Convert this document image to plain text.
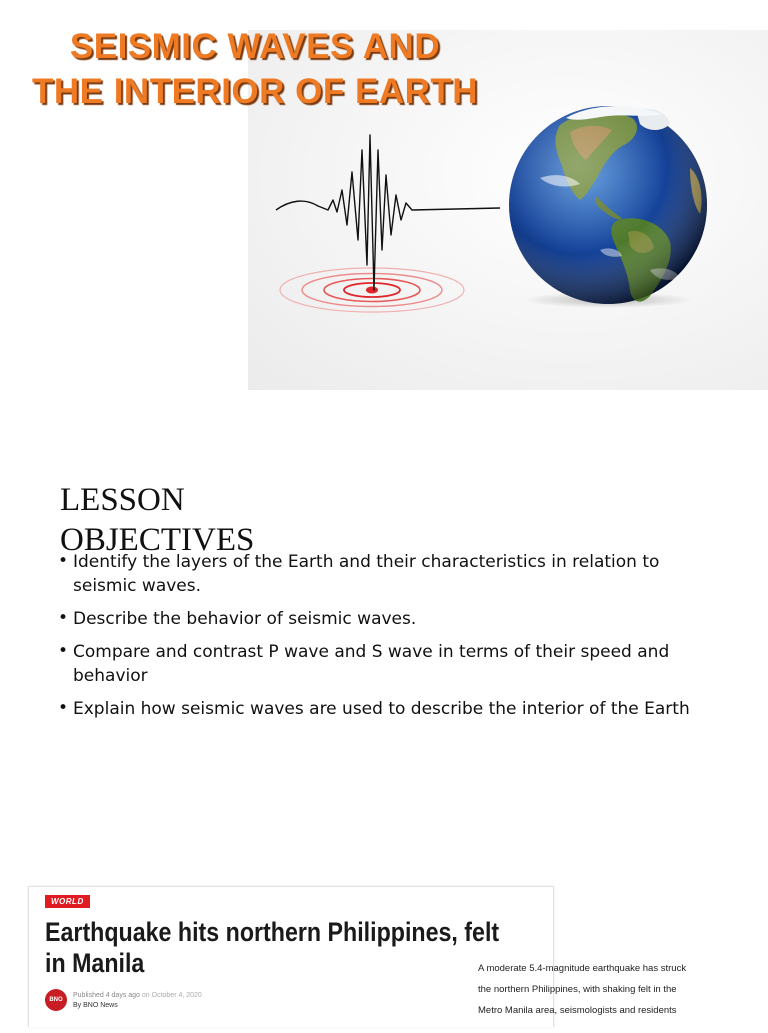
SEISMIC WAVES AND
THE INTERIOR OF EARTH
LESSON
OBJECTIVES
• Identify the layers of the Earth and their characteristics in relation to seismic waves.
• Describe the behavior of seismic waves.
• Compare and contrast P wave and S wave in terms of their speed and behavior
• Explain how seismic waves are used to describe the interior of the Earth
WORLD
Earthquake hits northern Philippines, felt
in Manila
BNO NEWS
Published 4 days ago on October 4, 2020
By BNO News
A moderate 5.4-magnitude earthquake has struck
the northern Philippines, with shaking felt in the
Metro Manila area, seismologists and residents
